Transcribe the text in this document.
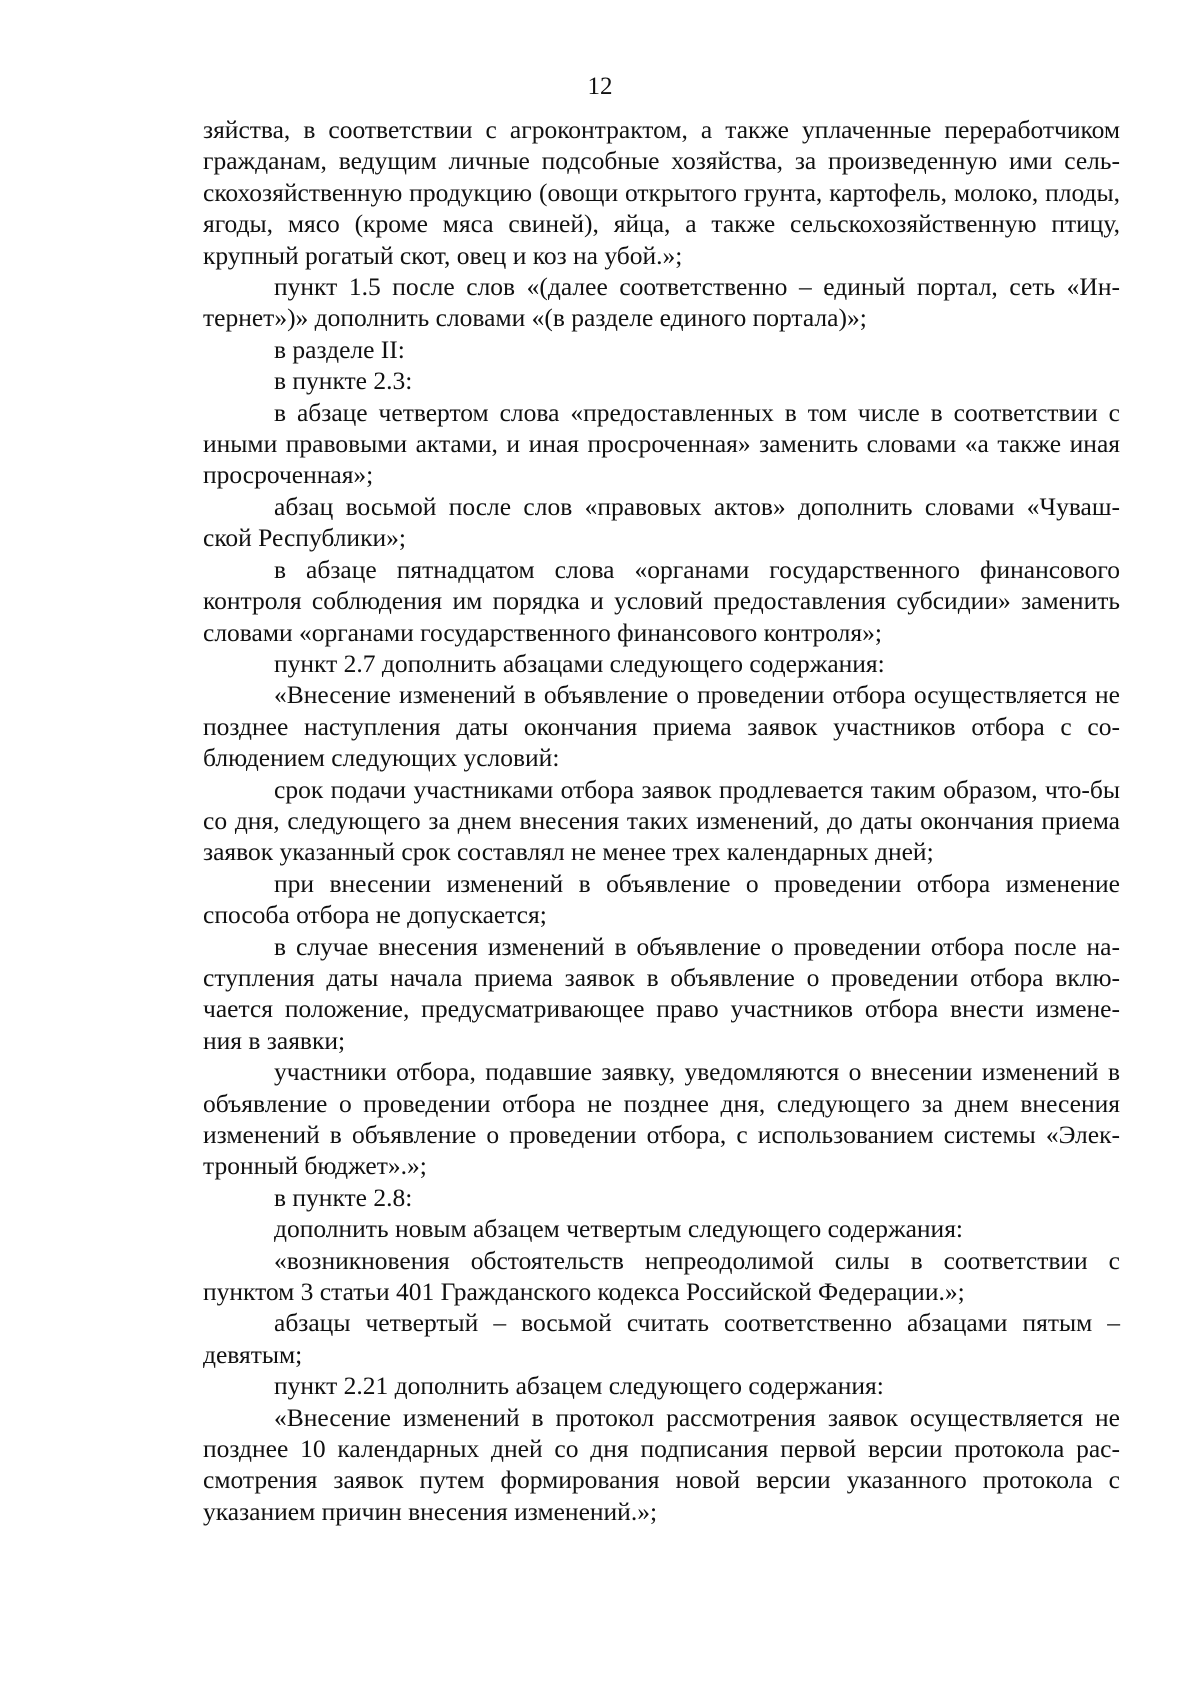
12

зяйства, в соответствии с агроконтрактом, а также уплаченные переработчиком гражданам, ведущим личные подсобные хозяйства, за произведенную ими сель-скохозяйственную продукцию (овощи открытого грунта, картофель, молоко, плоды, ягоды, мясо (кроме мяса свиней), яйца, а также сельскохозяйственную птицу, крупный рогатый скот, овец и коз на убой.»;

пункт 1.5 после слов «(далее соответственно – единый портал, сеть «Ин-тернет»)» дополнить словами «(в разделе единого портала)»;

в разделе II:

в пункте 2.3:

в абзаце четвертом слова «предоставленных в том числе в соответствии с иными правовыми актами, и иная просроченная» заменить словами «а также иная просроченная»;

абзац восьмой после слов «правовых актов» дополнить словами «Чуваш-ской Республики»;

в абзаце пятнадцатом слова «органами государственного финансового контроля соблюдения им порядка и условий предоставления субсидии» заменить словами «органами государственного финансового контроля»;

пункт 2.7 дополнить абзацами следующего содержания:

«Внесение изменений в объявление о проведении отбора осуществляется не позднее наступления даты окончания приема заявок участников отбора с со-блюдением следующих условий:

срок подачи участниками отбора заявок продлевается таким образом, что-бы со дня, следующего за днем внесения таких изменений, до даты окончания приема заявок указанный срок составлял не менее трех календарных дней;

при внесении изменений в объявление о проведении отбора изменение способа отбора не допускается;

в случае внесения изменений в объявление о проведении отбора после на-ступления даты начала приема заявок в объявление о проведении отбора вклю-чается положение, предусматривающее право участников отбора внести измене-ния в заявки;

участники отбора, подавшие заявку, уведомляются о внесении изменений в объявление о проведении отбора не позднее дня, следующего за днем внесения изменений в объявление о проведении отбора, с использованием системы «Элек-тронный бюджет».»;

в пункте 2.8:

дополнить новым абзацем четвертым следующего содержания:

«возникновения обстоятельств непреодолимой силы в соответствии с пунктом 3 статьи 401 Гражданского кодекса Российской Федерации.»;

абзацы четвертый – восьмой считать соответственно абзацами пятым – девятым;

пункт 2.21 дополнить абзацем следующего содержания:

«Внесение изменений в протокол рассмотрения заявок осуществляется не позднее 10 календарных дней со дня подписания первой версии протокола рас-смотрения заявок путем формирования новой версии указанного протокола с указанием причин внесения изменений.»;
